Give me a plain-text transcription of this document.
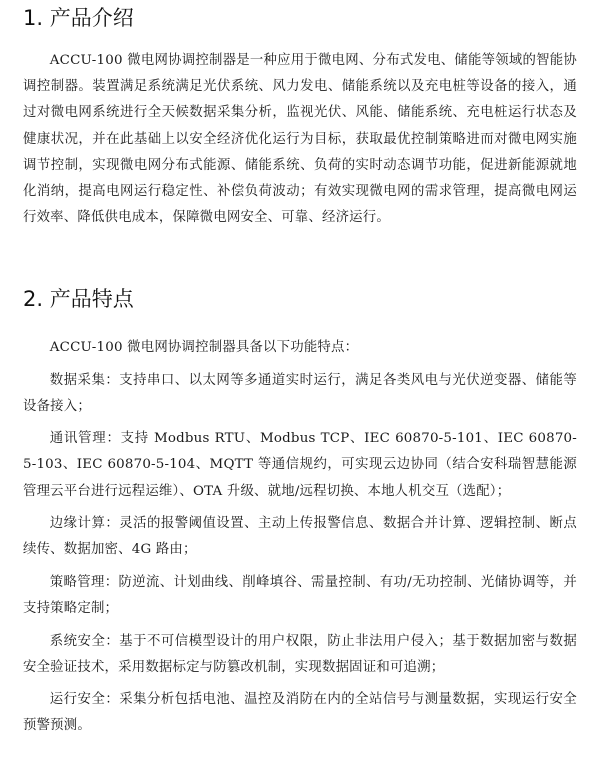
1. 产品介绍

ACCU-100 微电网协调控制器是一种应用于微电网、分布式发电、储能等领域的智能协调控制器。装置满足系统满足光伏系统、风力发电、储能系统以及充电桩等设备的接入，通过对微电网系统进行全天候数据采集分析，监视光伏、风能、储能系统、充电桩运行状态及健康状况，并在此基础上以安全经济优化运行为目标，获取最优控制策略进而对微电网实施调节控制，实现微电网分布式能源、储能系统、负荷的实时动态调节功能，促进新能源就地化消纳，提高电网运行稳定性、补偿负荷波动；有效实现微电网的需求管理，提高微电网运行效率、降低供电成本，保障微电网安全、可靠、经济运行。

2. 产品特点

ACCU-100 微电网协调控制器具备以下功能特点：

数据采集：支持串口、以太网等多通道实时运行，满足各类风电与光伏逆变器、储能等设备接入；

通讯管理：支持 Modbus RTU、Modbus TCP、IEC 60870-5-101、IEC 60870-5-103、IEC 60870-5-104、MQTT 等通信规约，可实现云边协同（结合安科瑞智慧能源管理云平台进行远程运维）、OTA 升级、就地/远程切换、本地人机交互（选配）；

边缘计算：灵活的报警阈值设置、主动上传报警信息、数据合并计算、逻辑控制、断点续传、数据加密、4G 路由；

策略管理：防逆流、计划曲线、削峰填谷、需量控制、有功/无功控制、光储协调等，并支持策略定制；

系统安全：基于不可信模型设计的用户权限，防止非法用户侵入；基于数据加密与数据安全验证技术，采用数据标定与防篡改机制，实现数据固证和可追溯；

运行安全：采集分析包括电池、温控及消防在内的全站信号与测量数据，实现运行安全预警预测。
